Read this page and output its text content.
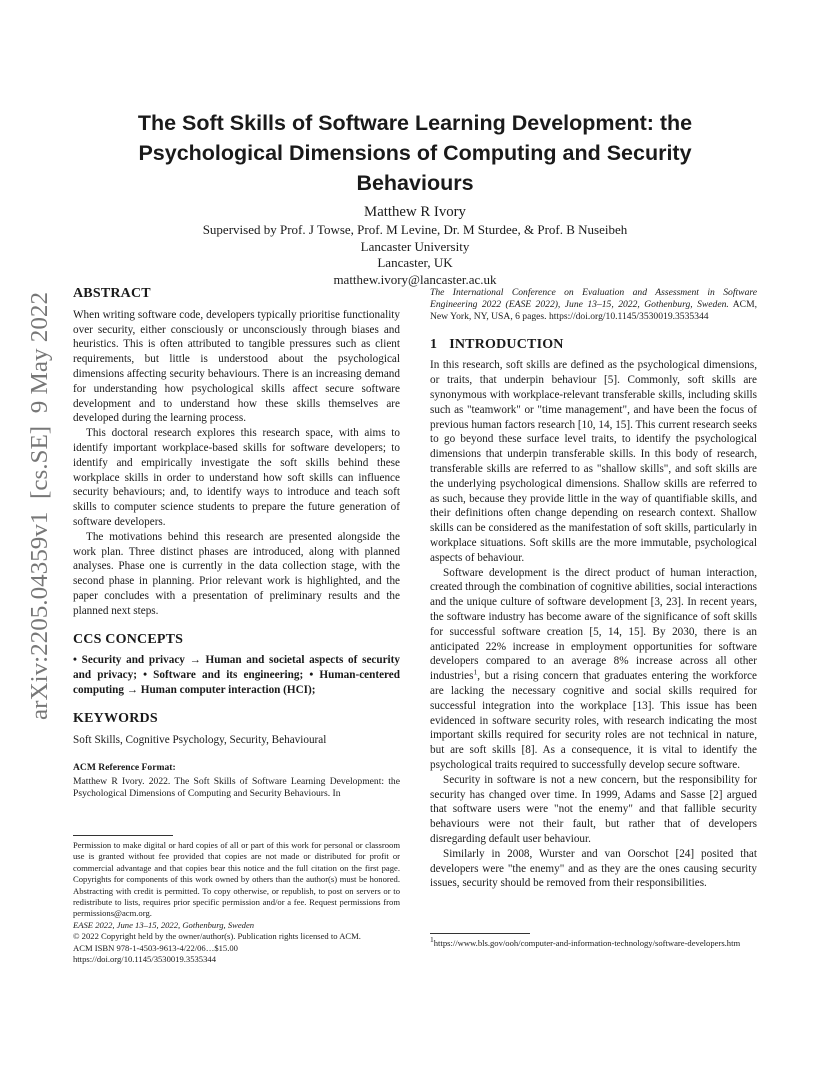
arXiv:2205.04359v1  [cs.SE]  9 May 2022
The Soft Skills of Software Learning Development: the
Psychological Dimensions of Computing and Security
Behaviours
Matthew R Ivory
Supervised by Prof. J Towse, Prof. M Levine, Dr. M Sturdee, & Prof. B Nuseibeh
Lancaster University
Lancaster, UK
matthew.ivory@lancaster.ac.uk
ABSTRACT

When writing software code, developers typically prioritise functionality over security, either consciously or unconsciously through biases and heuristics. This is often attributed to tangible pressures such as client requirements, but little is understood about the psychological dimensions affecting security behaviours. There is an increasing demand for understanding how psychological skills affect secure software development and to understand how these skills themselves are developed during the learning process.

This doctoral research explores this research space, with aims to identify important workplace-based skills for software developers; to identify and empirically investigate the soft skills behind these workplace skills in order to understand how soft skills can influence security behaviours; and, to identify ways to introduce and teach soft skills to computer science students to prepare the future generation of software developers.

The motivations behind this research are presented alongside the work plan. Three distinct phases are introduced, along with planned analyses. Phase one is currently in the data collection stage, with the second phase in planning. Prior relevant work is highlighted, and the paper concludes with a presentation of preliminary results and the planned next steps.

CCS CONCEPTS

• Security and privacy → Human and societal aspects of security and privacy; • Software and its engineering; • Human-centered computing → Human computer interaction (HCI);

KEYWORDS

Soft Skills, Cognitive Psychology, Security, Behavioural

ACM Reference Format:

Matthew R Ivory. 2022. The Soft Skills of Software Learning Development: the Psychological Dimensions of Computing and Security Behaviours. In

Permission to make digital or hard copies of all or part of this work for personal or classroom use is granted without fee provided that copies are not made or distributed for profit or commercial advantage and that copies bear this notice and the full citation on the first page. Copyrights for components of this work owned by others than the author(s) must be honored. Abstracting with credit is permitted. To copy otherwise, or republish, to post on servers or to redistribute to lists, requires prior specific permission and/or a fee. Request permissions from permissions@acm.org.

EASE 2022, June 13–15, 2022, Gothenburg, Sweden
© 2022 Copyright held by the owner/author(s). Publication rights licensed to ACM.
ACM ISBN 978-1-4503-9613-4/22/06…$15.00
https://doi.org/10.1145/3530019.3535344

The International Conference on Evaluation and Assessment in Software Engineering 2022 (EASE 2022), June 13–15, 2022, Gothenburg, Sweden. ACM, New York, NY, USA, 6 pages. https://doi.org/10.1145/3530019.3535344

1 INTRODUCTION

In this research, soft skills are defined as the psychological dimensions, or traits, that underpin behaviour [5]. Commonly, soft skills are synonymous with workplace-relevant transferable skills, including skills such as "teamwork" or "time management", and have been the focus of previous human factors research [10, 14, 15]. This current research seeks to go beyond these surface level traits, to identify the psychological dimensions that underpin transferable skills. In this body of research, transferable skills are referred to as "shallow skills", and soft skills are the underlying psychological dimensions. Shallow skills are referred to as such, because they provide little in the way of quantifiable skills, and their definitions often change depending on research context. Shallow skills can be considered as the manifestation of soft skills, particularly in workplace situations. Soft skills are the more immutable, psychological aspects of behaviour.

Software development is the direct product of human interaction, created through the combination of cognitive abilities, social interactions and the unique culture of software development [3, 23]. In recent years, the software industry has become aware of the significance of soft skills for successful software creation [5, 14, 15]. By 2030, there is an anticipated 22% increase in employment opportunities for software developers compared to an average 8% increase across all other industries$^1$, but a rising concern that graduates entering the workforce are lacking the necessary cognitive and social skills required for successful integration into the workplace [13]. This issue has been evidenced in software security roles, with research indicating the most important skills required for security roles are not technical in nature, but are soft skills [8]. As a consequence, it is vital to identify the psychological traits required to successfully develop secure software.

Security in software is not a new concern, but the responsibility for security has changed over time. In 1999, Adams and Sasse [2] argued that software users were "not the enemy" and that fallible security behaviours were not their fault, but rather that of developers disregarding default user behaviour.

Similarly in 2008, Wurster and van Oorschot [24] posited that developers were "the enemy" and as they are the ones causing security issues, security should be removed from their responsibilities.

$^1$https://www.bls.gov/ooh/computer-and-information-technology/software-developers.htm
